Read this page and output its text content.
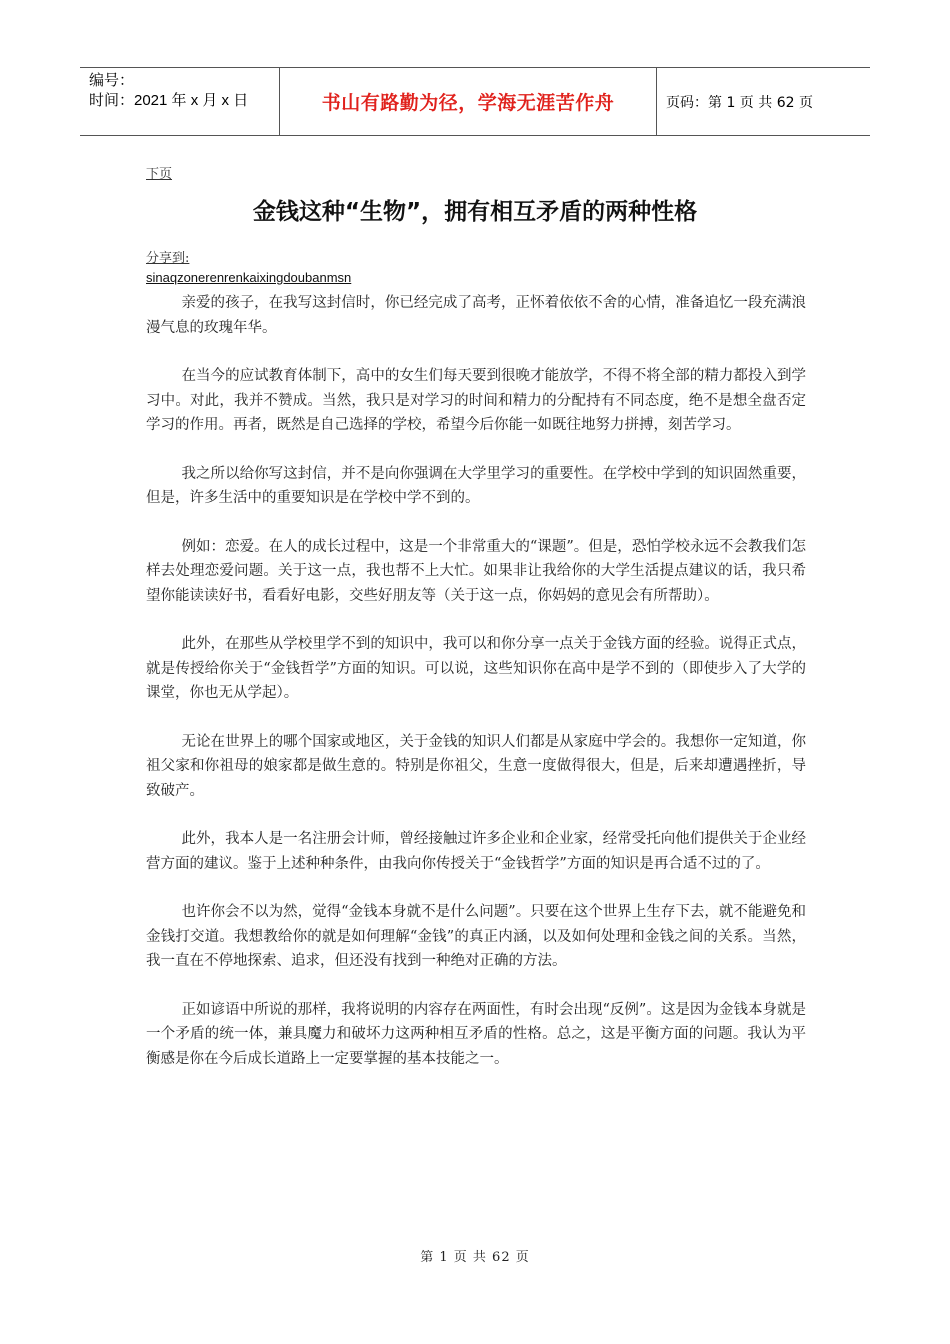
编号：
时间：2021 年 x 月 x 日	书山有路勤为径，学海无涯苦作舟	页码：第 1 页 共 62 页
下页
金钱这种“生物”，拥有相互矛盾的两种性格
分享到:
sinaqzonerenrenkaixingdoubanmsn

亲爱的孩子，在我写这封信时，你已经完成了高考，正怀着依依不舍的心情，准备追忆一段充满浪漫气息的玫瑰年华。

在当今的应试教育体制下，高中的女生们每天要到很晚才能放学，不得不将全部的精力都投入到学习中。对此，我并不赞成。当然，我只是对学习的时间和精力的分配持有不同态度，绝不是想全盘否定学习的作用。再者，既然是自己选择的学校，希望今后你能一如既往地努力拼搏，刻苦学习。

我之所以给你写这封信，并不是向你强调在大学里学习的重要性。在学校中学到的知识固然重要，但是，许多生活中的重要知识是在学校中学不到的。

例如：恋爱。在人的成长过程中，这是一个非常重大的“课题”。但是，恐怕学校永远不会教我们怎样去处理恋爱问题。关于这一点，我也帮不上大忙。如果非让我给你的大学生活提点建议的话，我只希望你能读读好书，看看好电影，交些好朋友等（关于这一点，你妈妈的意见会有所帮助）。

此外，在那些从学校里学不到的知识中，我可以和你分享一点关于金钱方面的经验。说得正式点，就是传授给你关于“金钱哲学”方面的知识。可以说，这些知识你在高中是学不到的（即使步入了大学的课堂，你也无从学起）。

无论在世界上的哪个国家或地区，关于金钱的知识人们都是从家庭中学会的。我想你一定知道，你祖父家和你祖母的娘家都是做生意的。特别是你祖父，生意一度做得很大，但是，后来却遭遇挫折，导致破产。

此外，我本人是一名注册会计师，曾经接触过许多企业和企业家，经常受托向他们提供关于企业经营方面的建议。鉴于上述种种条件，由我向你传授关于“金钱哲学”方面的知识是再合适不过的了。

也许你会不以为然，觉得“金钱本身就不是什么问题”。只要在这个世界上生存下去，就不能避免和金钱打交道。我想教给你的就是如何理解“金钱”的真正内涵，以及如何处理和金钱之间的关系。当然，我一直在不停地探索、追求，但还没有找到一种绝对正确的方法。

正如谚语中所说的那样，我将说明的内容存在两面性，有时会出现“反例”。这是因为金钱本身就是一个矛盾的统一体，兼具魔力和破坏力这两种相互矛盾的性格。总之，这是平衡方面的问题。我认为平衡感是你在今后成长道路上一定要掌握的基本技能之一。

第 1 页 共 62 页
